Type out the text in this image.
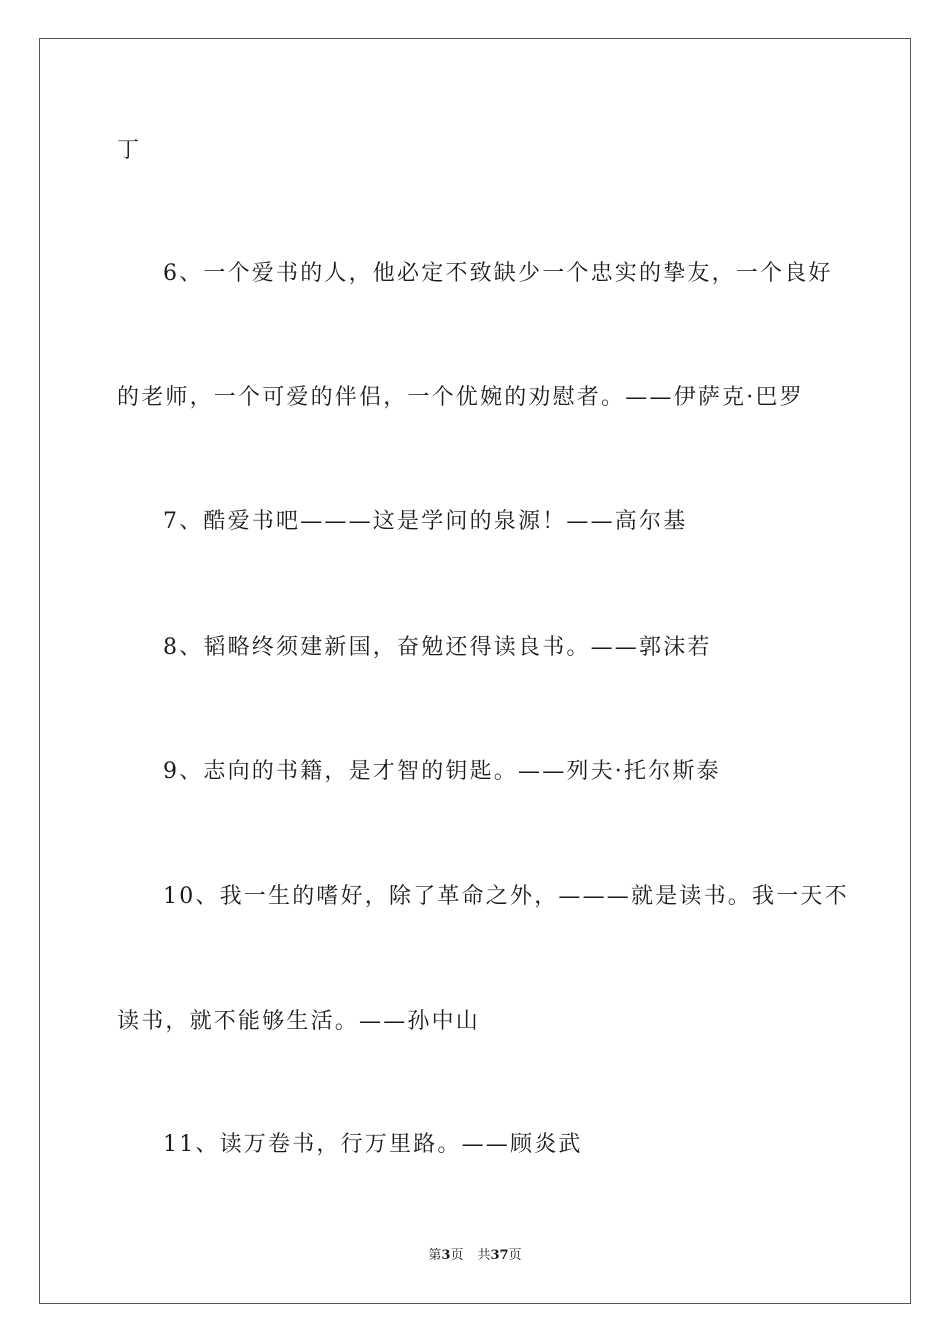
丁
6、一个爱书的人，他必定不致缺少一个忠实的挚友，一个良好
的老师，一个可爱的伴侣，一个优婉的劝慰者。——伊萨克·巴罗
7、酷爱书吧———这是学问的泉源！——高尔基
8、韬略终须建新国，奋勉还得读良书。——郭沫若
9、志向的书籍，是才智的钥匙。——列夫·托尔斯泰
10、我一生的嗜好，除了革命之外，———就是读书。我一天不
读书，就不能够生活。——孙中山
11、读万卷书，行万里路。——顾炎武
第3页 共37页
